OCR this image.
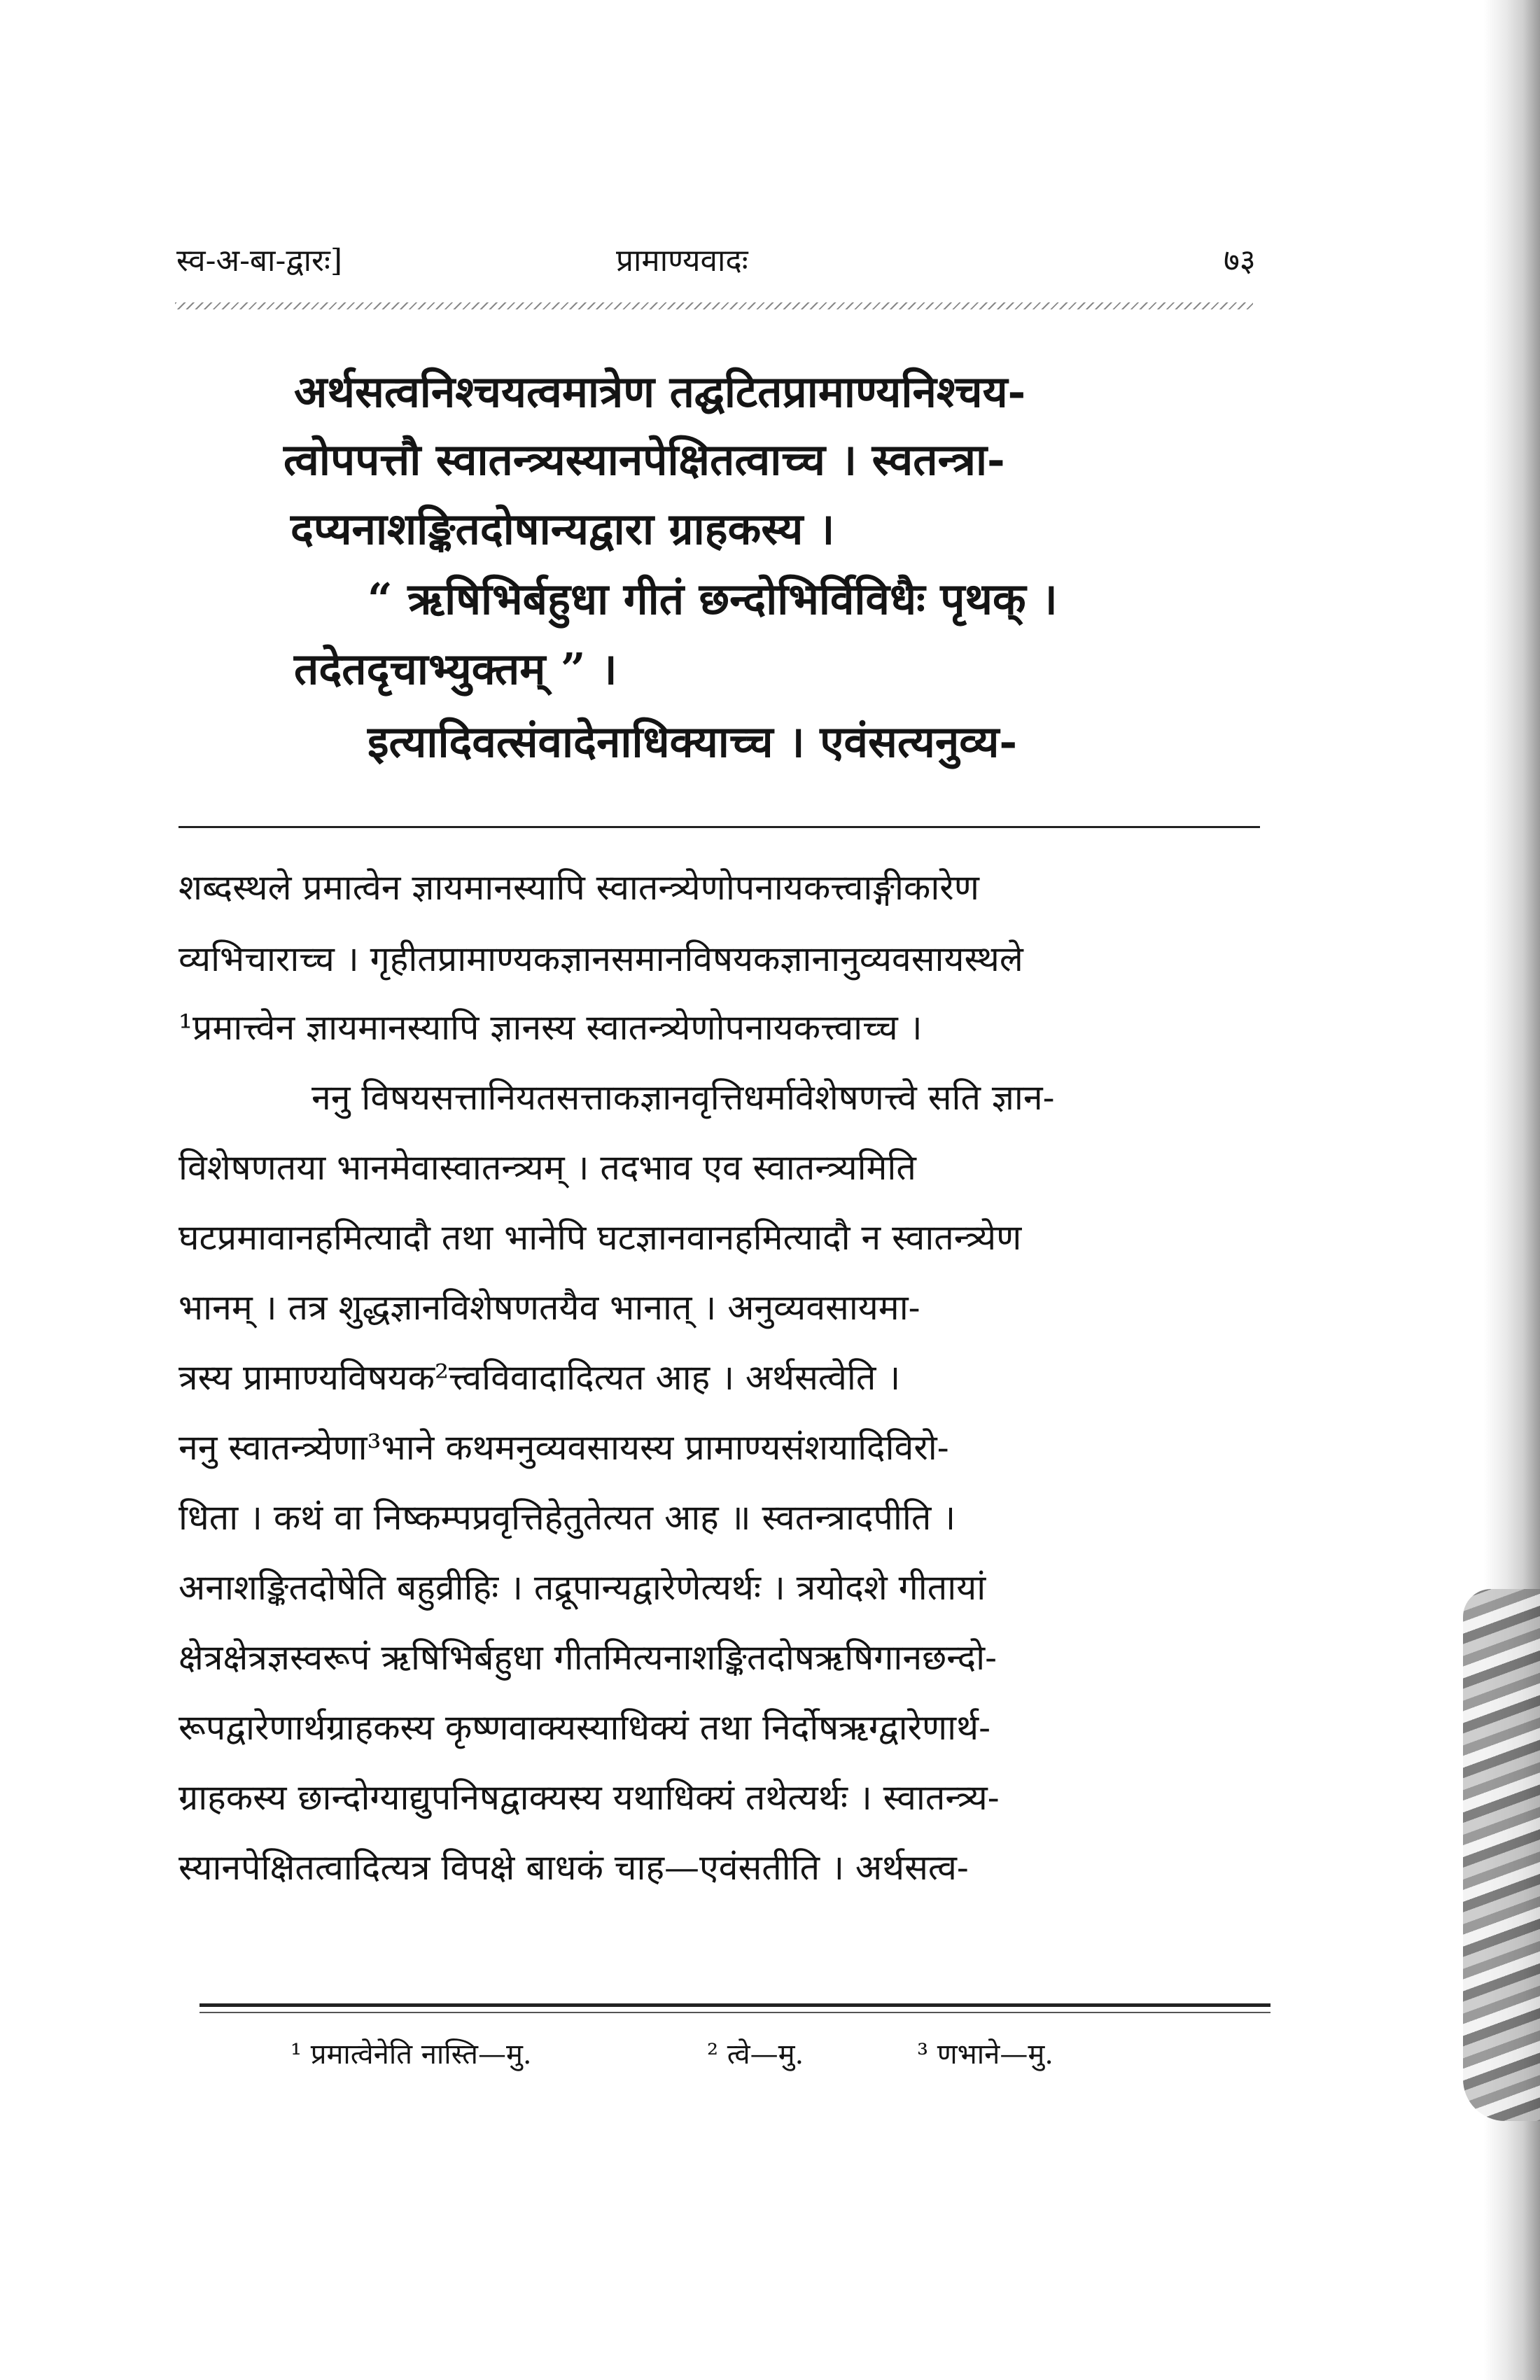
स्व-अ-बा-द्वारः]	प्रामाण्यवादः	७३
अर्थसत्वनिश्चयत्वमात्रेण तद्घटितप्रामाण्यनिश्चय-
त्वोपपत्तौ स्वातन्त्र्यस्यानपेक्षितत्वाच्च । स्वतन्त्रा-
दप्यनाशङ्कितदोषान्यद्वारा ग्राहकस्य ।
“ ऋषिभिर्बहुधा गीतं छन्दोभिर्विविधैः पृथक् ।
तदेतदृचाभ्युक्तम् ” ।
इत्यादिवत्संवादेनाधिक्याच्च । एवंसत्यनुव्य-
शब्दस्थले प्रमात्वेन ज्ञायमानस्यापि स्वातन्त्र्येणोपनायकत्त्वाङ्गीकारेण
व्यभिचाराच्च । गृहीतप्रामाण्यकज्ञानसमानविषयकज्ञानानुव्यवसायस्थले
¹प्रमात्त्वेन ज्ञायमानस्यापि ज्ञानस्य स्वातन्त्र्येणोपनायकत्त्वाच्च ।
ननु विषयसत्तानियतसत्ताकज्ञानवृत्तिधर्मावेशेषणत्त्वे सति ज्ञान-
विशेषणतया भानमेवास्वातन्त्र्यम् । तदभाव एव स्वातन्त्र्यमिति
घटप्रमावानहमित्यादौ तथा भानेपि घटज्ञानवानहमित्यादौ न स्वातन्त्र्येण
भानम् । तत्र शुद्धज्ञानविशेषणतयैव भानात् । अनुव्यवसायमा-
त्रस्य प्रामाण्यविषयक²त्त्वविवादादित्यत आह । अर्थसत्वेति ।
ननु स्वातन्त्र्येणा³भाने कथमनुव्यवसायस्य प्रामाण्यसंशयादिविरो-
धिता । कथं वा निष्कम्पप्रवृत्तिहेतुतेत्यत आह ॥ स्वतन्त्रादपीति ।
अनाशङ्कितदोषेति बहुव्रीहिः । तद्रूपान्यद्वारेणेत्यर्थः । त्रयोदशे गीतायां
क्षेत्रक्षेत्रज्ञस्वरूपं ऋषिभिर्बहुधा गीतमित्यनाशङ्कितदोषऋषिगानछन्दो-
रूपद्वारेणार्थग्राहकस्य कृष्णवाक्यस्याधिक्यं तथा निर्दोषऋग्द्वारेणार्थ-
ग्राहकस्य छान्दोग्याद्युपनिषद्वाक्यस्य यथाधिक्यं तथेत्यर्थः । स्वातन्त्र्य-
स्यानपेक्षितत्वादित्यत्र विपक्षे बाधकं चाह—एवंसतीति । अर्थसत्व-
¹ प्रमात्वेनेति नास्ति—मु.	² त्वे—मु.	³ णभाने—मु.
